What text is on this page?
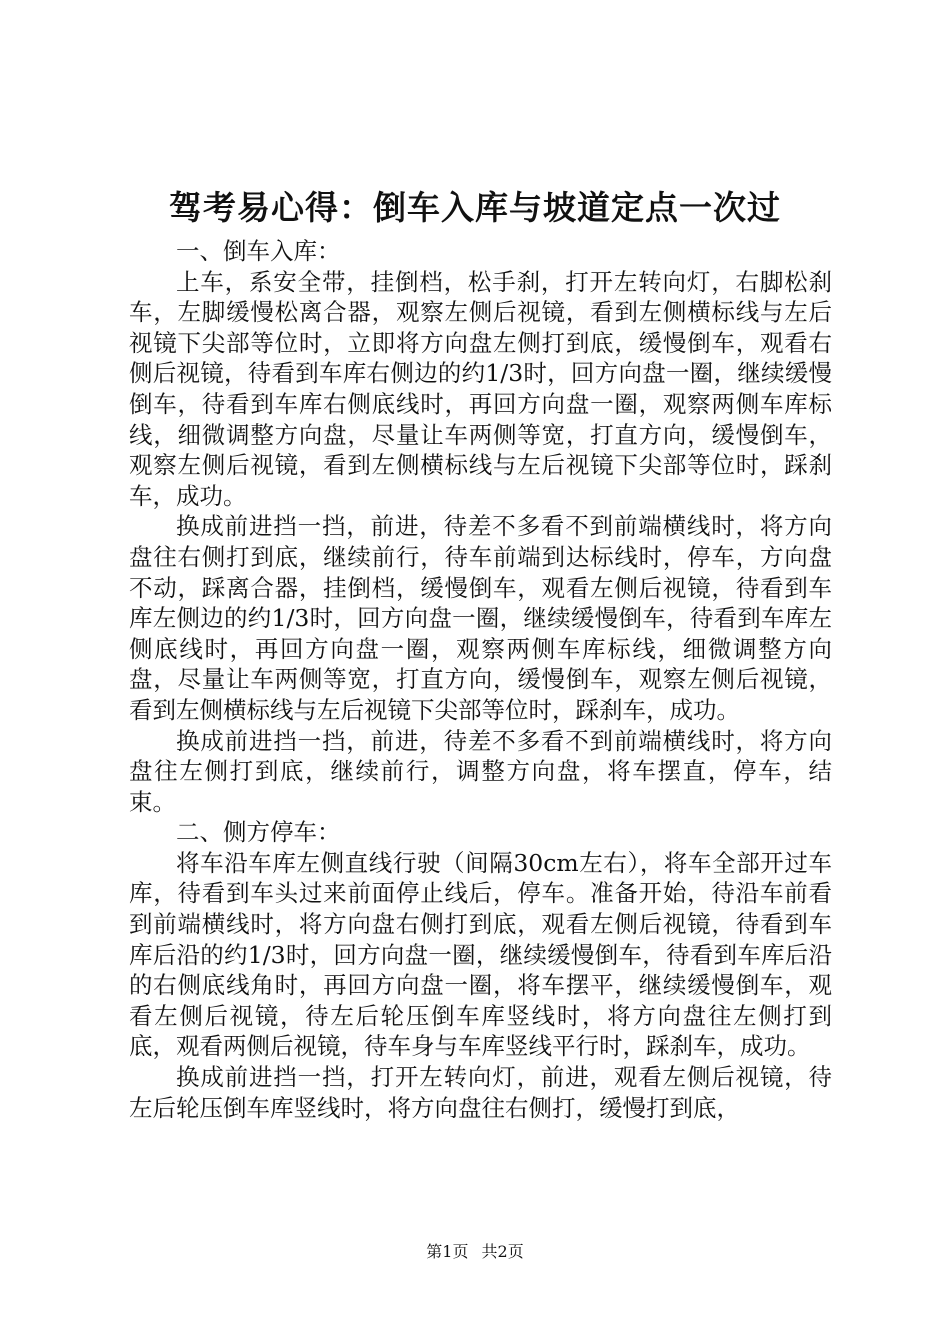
驾考易心得：倒车入库与坡道定点一次过

一、倒车入库：

上车，系安全带，挂倒档，松手刹，打开左转向灯，右脚松刹车，左脚缓慢松离合器，观察左侧后视镜，看到左侧横标线与左后视镜下尖部等位时，立即将方向盘左侧打到底，缓慢倒车，观看右侧后视镜，待看到车库右侧边的约1/3时，回方向盘一圈，继续缓慢倒车，待看到车库右侧底线时，再回方向盘一圈，观察两侧车库标线，细微调整方向盘，尽量让车两侧等宽，打直方向，缓慢倒车，观察左侧后视镜，看到左侧横标线与左后视镜下尖部等位时，踩刹车，成功。

换成前进挡一挡，前进，待差不多看不到前端横线时，将方向盘往右侧打到底，继续前行，待车前端到达标线时，停车，方向盘不动，踩离合器，挂倒档，缓慢倒车，观看左侧后视镜，待看到车库左侧边的约1/3时，回方向盘一圈，继续缓慢倒车，待看到车库左侧底线时，再回方向盘一圈，观察两侧车库标线，细微调整方向盘，尽量让车两侧等宽，打直方向，缓慢倒车，观察左侧后视镜，看到左侧横标线与左后视镜下尖部等位时，踩刹车，成功。

换成前进挡一挡，前进，待差不多看不到前端横线时，将方向盘往左侧打到底，继续前行，调整方向盘，将车摆直，停车，结束。

二、侧方停车：

将车沿车库左侧直线行驶（间隔30cm左右），将车全部开过车库，待看到车头过来前面停止线后，停车。准备开始，待沿车前看到前端横线时，将方向盘右侧打到底，观看左侧后视镜，待看到车库后沿的约1/3时，回方向盘一圈，继续缓慢倒车，待看到车库后沿的右侧底线角时，再回方向盘一圈，将车摆平，继续缓慢倒车，观看左侧后视镜，待左后轮压倒车库竖线时，将方向盘往左侧打到底，观看两侧后视镜，待车身与车库竖线平行时，踩刹车，成功。

换成前进挡一挡，打开左转向灯，前进，观看左侧后视镜，待左后轮压倒车库竖线时，将方向盘往右侧打，缓慢打到底，

第1页 共2页
